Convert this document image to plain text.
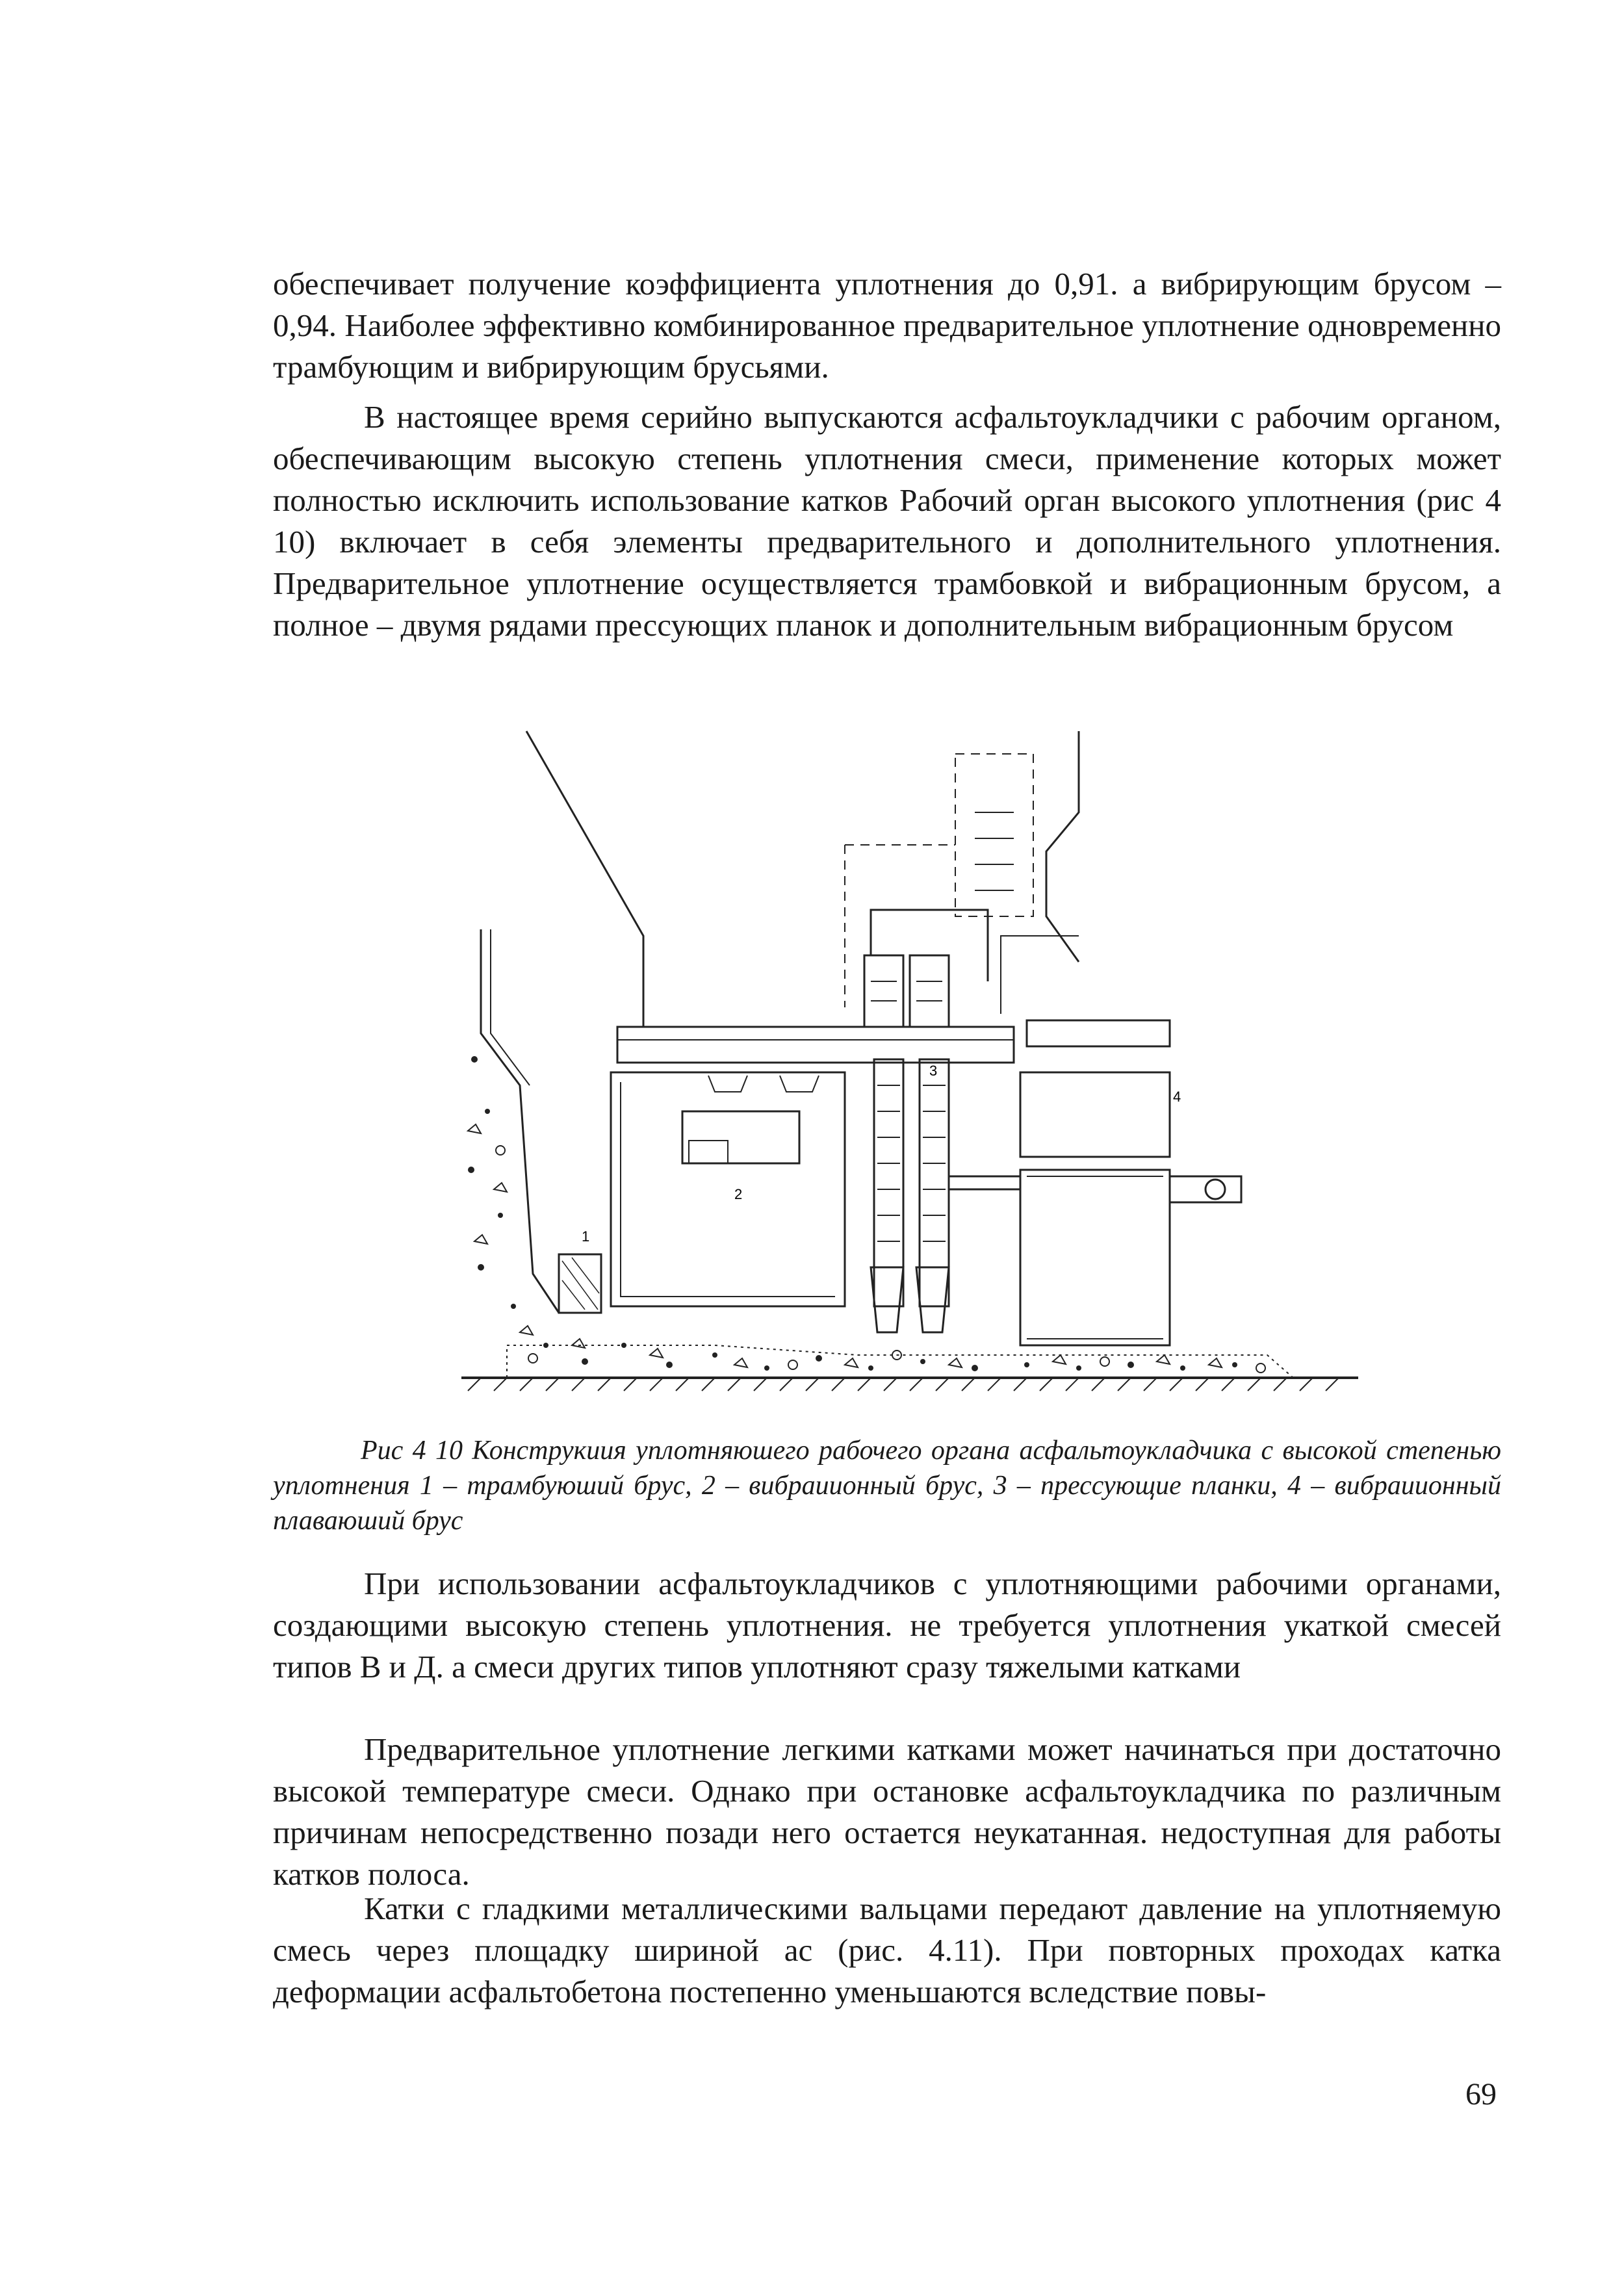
обеспечивает получение коэффициента уплотнения до 0,91. а вибрирующим брусом – 0,94. Наиболее эффективно комбинированное предварительное уплотнение одновременно трамбующим и вибрирующим брусьями.

В настоящее время серийно выпускаются асфальтоукладчики с рабочим органом, обеспечивающим высокую степень уплотнения смеси, применение которых может полностью исключить использование катков Рабочий орган высокого уплотнения (рис 4 10) включает в себя элементы предварительного и дополнительного уплотнения. Предварительное уплотнение осуществляется трамбовкой и вибрационным брусом, а полное – двумя рядами прессующих планок и дополнительным вибрационным брусом

1
2
3
4

Рис 4 10 Конструкиия уплотняюшего рабочего органа асфальтоукладчика с высокой степенью уплотнения 1 – трамбуюший брус, 2 – вибраиионный брус, 3 – прессующие планки, 4 – вибраиионный плаваюший брус

При использовании асфальтоукладчиков с уплотняющими рабочими органами, создающими высокую степень уплотнения. не требуется уплотнения укаткой смесей типов В и Д. а смеси других типов уплотняют сразу тяжелыми катками

Предварительное уплотнение легкими катками может начинаться при достаточно высокой температуре смеси. Однако при остановке асфальтоукладчика по различным причинам непосредственно позади него остается неукатанная. недоступная для работы катков полоса.

Катки с гладкими металлическими вальцами передают давление на уплотняемую смесь через площадку шириной ас (рис. 4.11). При повторных проходах катка деформации асфальтобетона постепенно уменьшаются вследствие повы-

69
